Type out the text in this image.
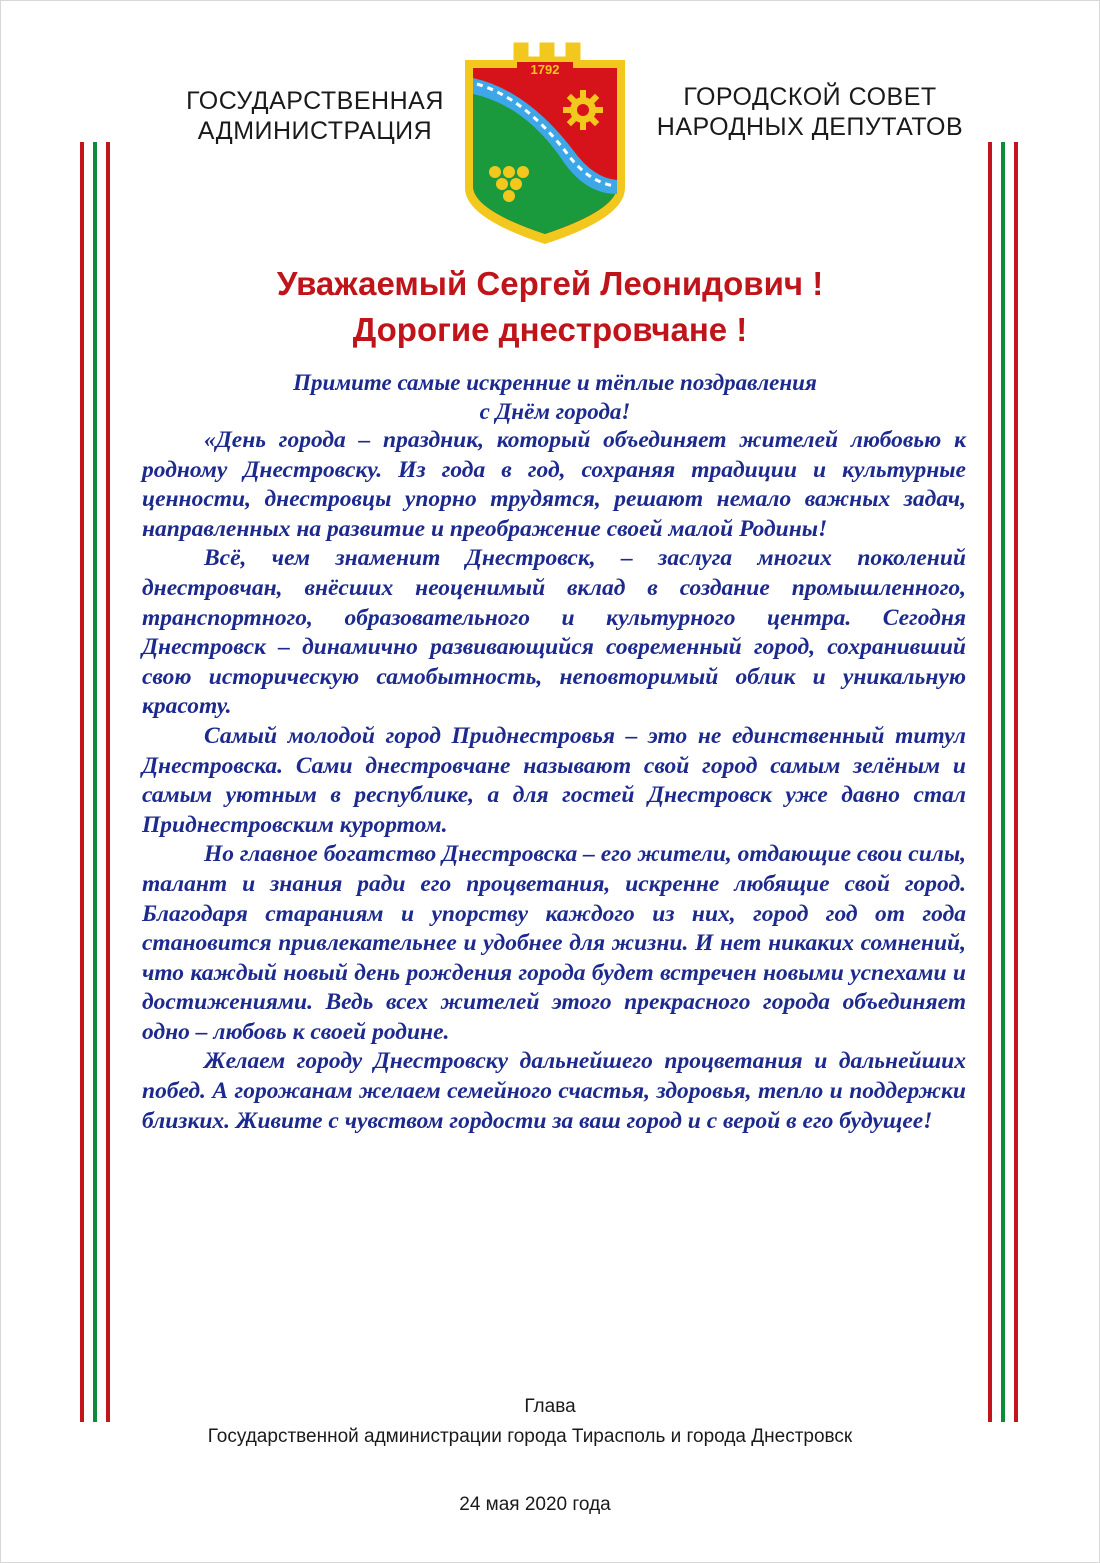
ГОСУДАРСТВЕННАЯ
АДМИНИСТРАЦИЯ
ГОРОДСКОЙ СОВЕТ
НАРОДНЫХ ДЕПУТАТОВ
1792
Уважаемый Сергей Леонидович !
Дорогие днестровчане !
Примите самые искренние и тёплые поздравления
с Днём города!

«День города – праздник, который объединяет жителей любовью к родному Днестровску. Из года в год, сохраняя традиции и культурные ценности, днестровцы упорно трудятся, решают немало важных задач, направленных на развитие и преображение своей малой Родины!

Всё, чем знаменит Днестровск, – заслуга многих поколений днестровчан, внёсших неоценимый вклад в создание промышленного, транспортного, образовательного и культурного центра. Сегодня Днестровск – динамично развивающийся современный город, сохранивший свою историческую самобытность, неповторимый облик и уникальную красоту.

Самый молодой город Приднестровья – это не единственный титул Днестровска. Сами днестровчане называют свой город самым зелёным и самым уютным в республике, а для гостей Днестровск уже давно стал Приднестровским курортом.

Но главное богатство Днестровска – его жители, отдающие свои силы, талант и знания ради его процветания, искренне любящие свой город. Благодаря стараниям и упорству каждого из них, город год от года становится привлекательнее и удобнее для жизни. И нет никаких сомнений, что каждый новый день рождения города будет встречен новыми успехами и достижениями. Ведь всех жителей этого прекрасного города объединяет одно – любовь к своей родине.

Желаем городу Днестровску дальнейшего процветания и дальнейших побед. А горожанам желаем семейного счастья, здоровья, тепло и поддержки близких. Живите с чувством гордости за ваш город и с верой в его будущее!

Глава
Государственной администрации города Тирасполь и города Днестровск
24 мая 2020 года
